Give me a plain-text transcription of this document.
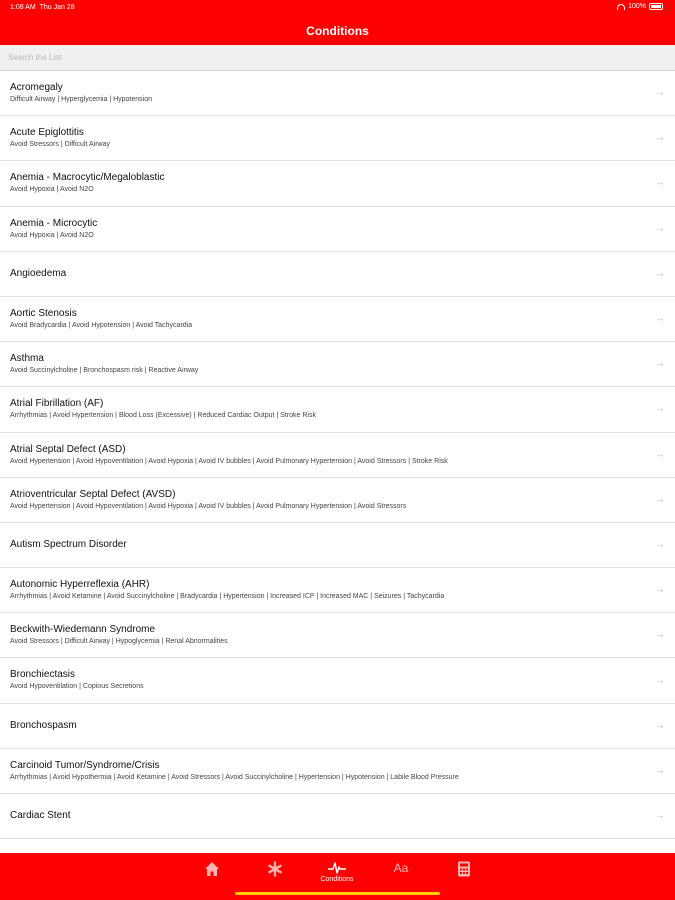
1:08 AM Thu Jan 28	100%
Conditions
Search the List
Acromegaly
Difficult Airway | Hyperglycemia | Hypotension
→
Acute Epiglottitis
Avoid Stressors | Difficult Airway
→
Anemia - Macrocytic/Megaloblastic
Avoid Hypoxia | Avoid N2O
→
Anemia - Microcytic
Avoid Hypoxia | Avoid N2O
→
Angioedema	→
Aortic Stenosis
Avoid Bradycardia | Avoid Hypotension | Avoid Tachycardia
→
Asthma
Avoid Succinylcholine | Bronchospasm risk | Reactive Airway
→
Atrial Fibrillation (AF)
Arrhythmias | Avoid Hypertension | Blood Loss (Excessive) | Reduced Cardiac Output | Stroke Risk
→
Atrial Septal Defect (ASD)
Avoid Hypertension | Avoid Hypoventilation | Avoid Hypoxia | Avoid IV bubbles | Avoid Pulmonary Hypertension | Avoid Stressors | Stroke Risk
→
Atrioventricular Septal Defect (AVSD)
Avoid Hypertension | Avoid Hypoventilation | Avoid Hypoxia | Avoid IV bubbles | Avoid Pulmonary Hypertension | Avoid Stressors
→
Autism Spectrum Disorder	→
Autonomic Hyperreflexia (AHR)
Arrhythmias | Avoid Ketamine | Avoid Succinylcholine | Bradycardia | Hypertension | Increased ICP | Increased MAC | Seizures | Tachycardia
→
Beckwith-Wiedemann Syndrome
Avoid Stressors | Difficult Airway | Hypoglycemia | Renal Abnormalities
→
Bronchiectasis
Avoid Hypoventilation | Copious Secretions
→
Bronchospasm	→
Carcinoid Tumor/Syndrome/Crisis
Arrhythmias | Avoid Hypothermia | Avoid Ketamine | Avoid Stressors | Avoid Succinylcholine | Hypertension | Hypotension | Labile Blood Pressure
→
Cardiac Stent	→
Conditions
Aa
